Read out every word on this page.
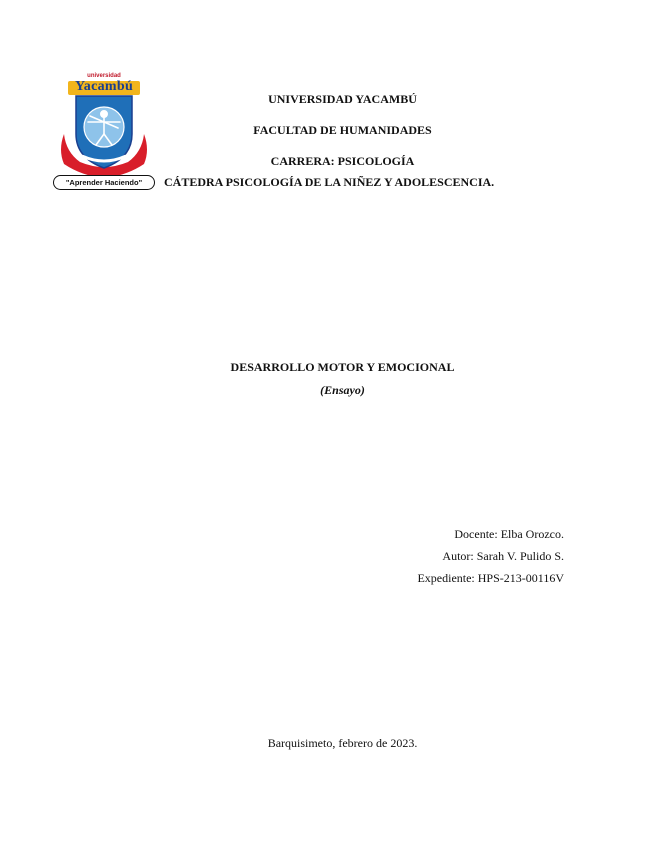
universidad
Yacambú
"Aprender Haciendo"
UNIVERSIDAD YACAMBÚ
FACULTAD DE HUMANIDADES
CARRERA: PSICOLOGÍA
CÁTEDRA PSICOLOGÍA DE LA NIÑEZ Y ADOLESCENCIA.
DESARROLLO MOTOR Y EMOCIONAL
(Ensayo)
Docente: Elba Orozco.
Autor: Sarah V. Pulido S.
Expediente: HPS-213-00116V
Barquisimeto, febrero de 2023.
